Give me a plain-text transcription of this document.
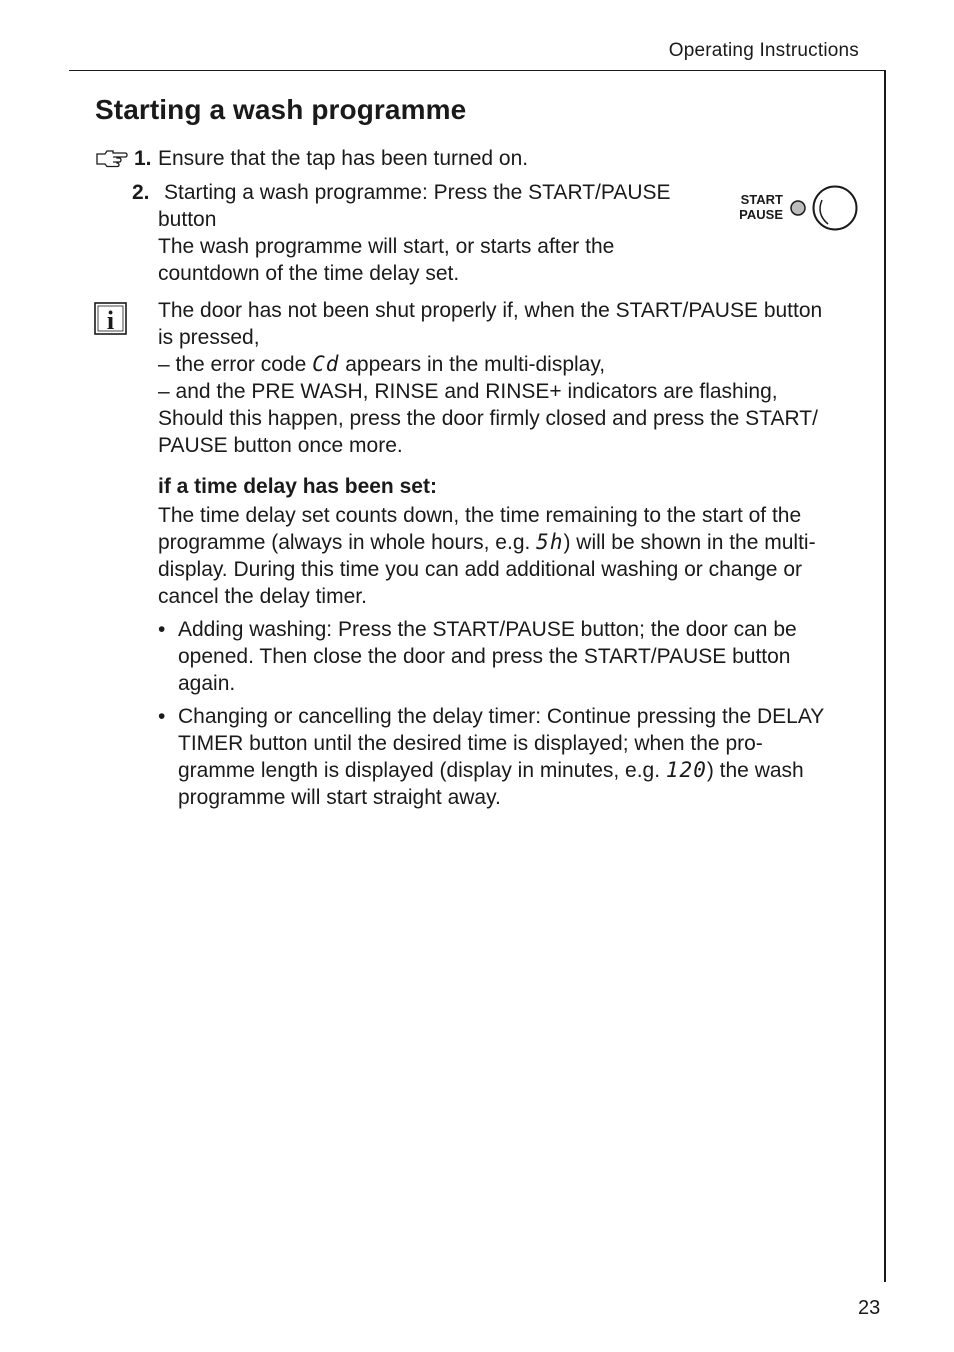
Operating Instructions
Starting a wash programme
1. Ensure that the tap has been turned on.
2. Starting a wash programme: Press the START/PAUSE
button
The wash programme will start, or starts after the
countdown of the time delay set.
START
PAUSE
i The door has not been shut properly if, when the START/PAUSE button
is pressed,
– the error code Cd appears in the multi-display,
– and the PRE WASH, RINSE and RINSE+ indicators are flashing,
Should this happen, press the door firmly closed and press the START/
PAUSE button once more.
if a time delay has been set:
The time delay set counts down, the time remaining to the start of the
programme (always in whole hours, e.g. 5h) will be shown in the multi-
display. During this time you can add additional washing or change or
cancel the delay timer.
• Adding washing: Press the START/PAUSE button; the door can be
opened. Then close the door and press the START/PAUSE button
again.
• Changing or cancelling the delay timer: Continue pressing the DELAY
TIMER button until the desired time is displayed; when the pro-
gramme length is displayed (display in minutes, e.g. 120) the wash
programme will start straight away.
23
